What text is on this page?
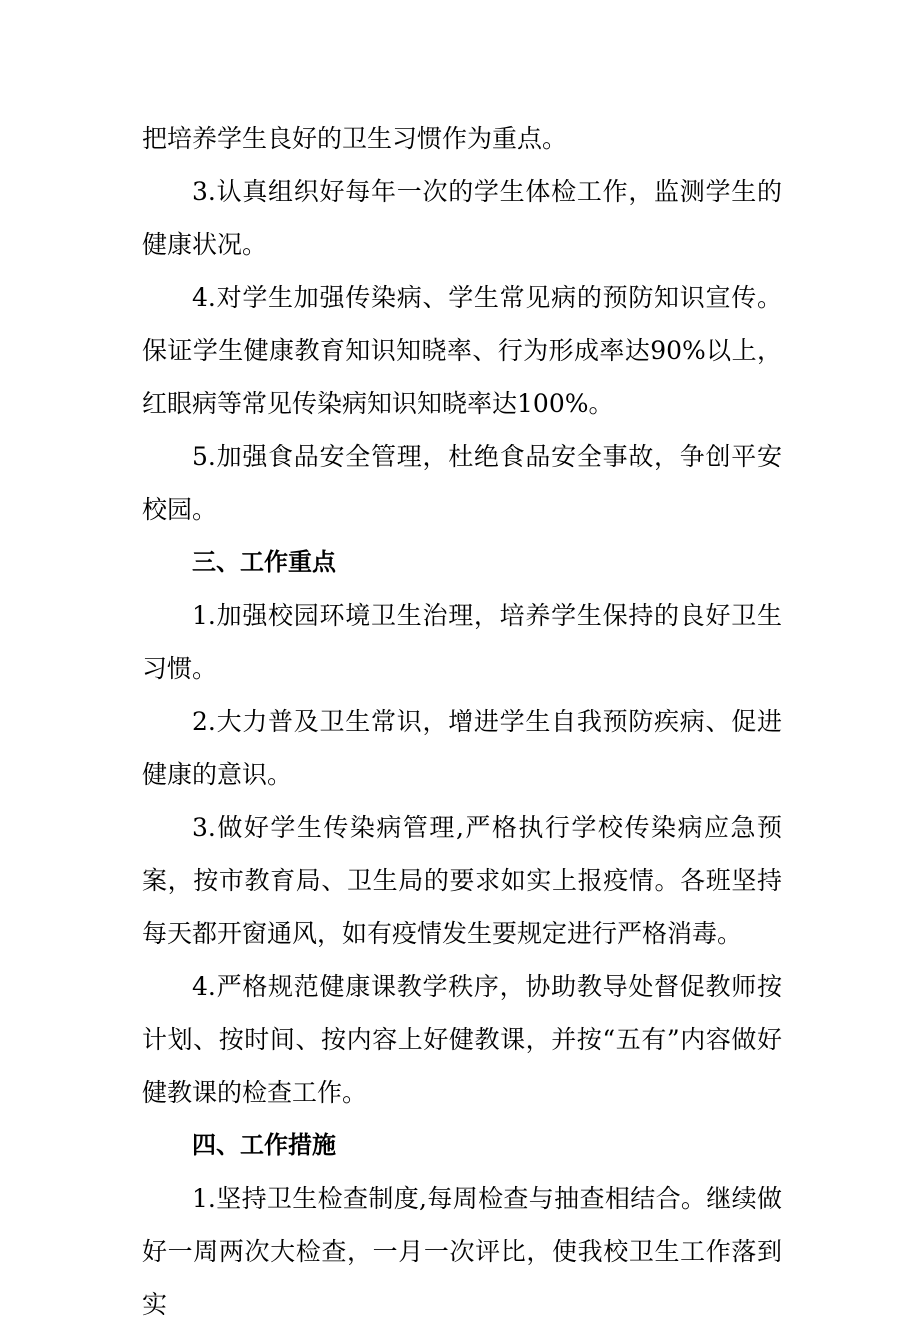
把培养学生良好的卫生习惯作为重点。

3.认真组织好每年一次的学生体检工作，监测学生的健康状况。

4.对学生加强传染病、学生常见病的预防知识宣传。保证学生健康教育知识知晓率、行为形成率达90%以上，红眼病等常见传染病知识知晓率达100%。

5.加强食品安全管理，杜绝食品安全事故，争创平安校园。

三、工作重点

1.加强校园环境卫生治理，培养学生保持的良好卫生习惯。

2.大力普及卫生常识，增进学生自我预防疾病、促进健康的意识。

3.做好学生传染病管理,严格执行学校传染病应急预案，按市教育局、卫生局的要求如实上报疫情。各班坚持每天都开窗通风，如有疫情发生要规定进行严格消毒。

4.严格规范健康课教学秩序，协助教导处督促教师按计划、按时间、按内容上好健教课，并按“五有”内容做好健教课的检查工作。

四、工作措施

1.坚持卫生检查制度,每周检查与抽查相结合。继续做好一周两次大检查，一月一次评比，使我校卫生工作落到实
